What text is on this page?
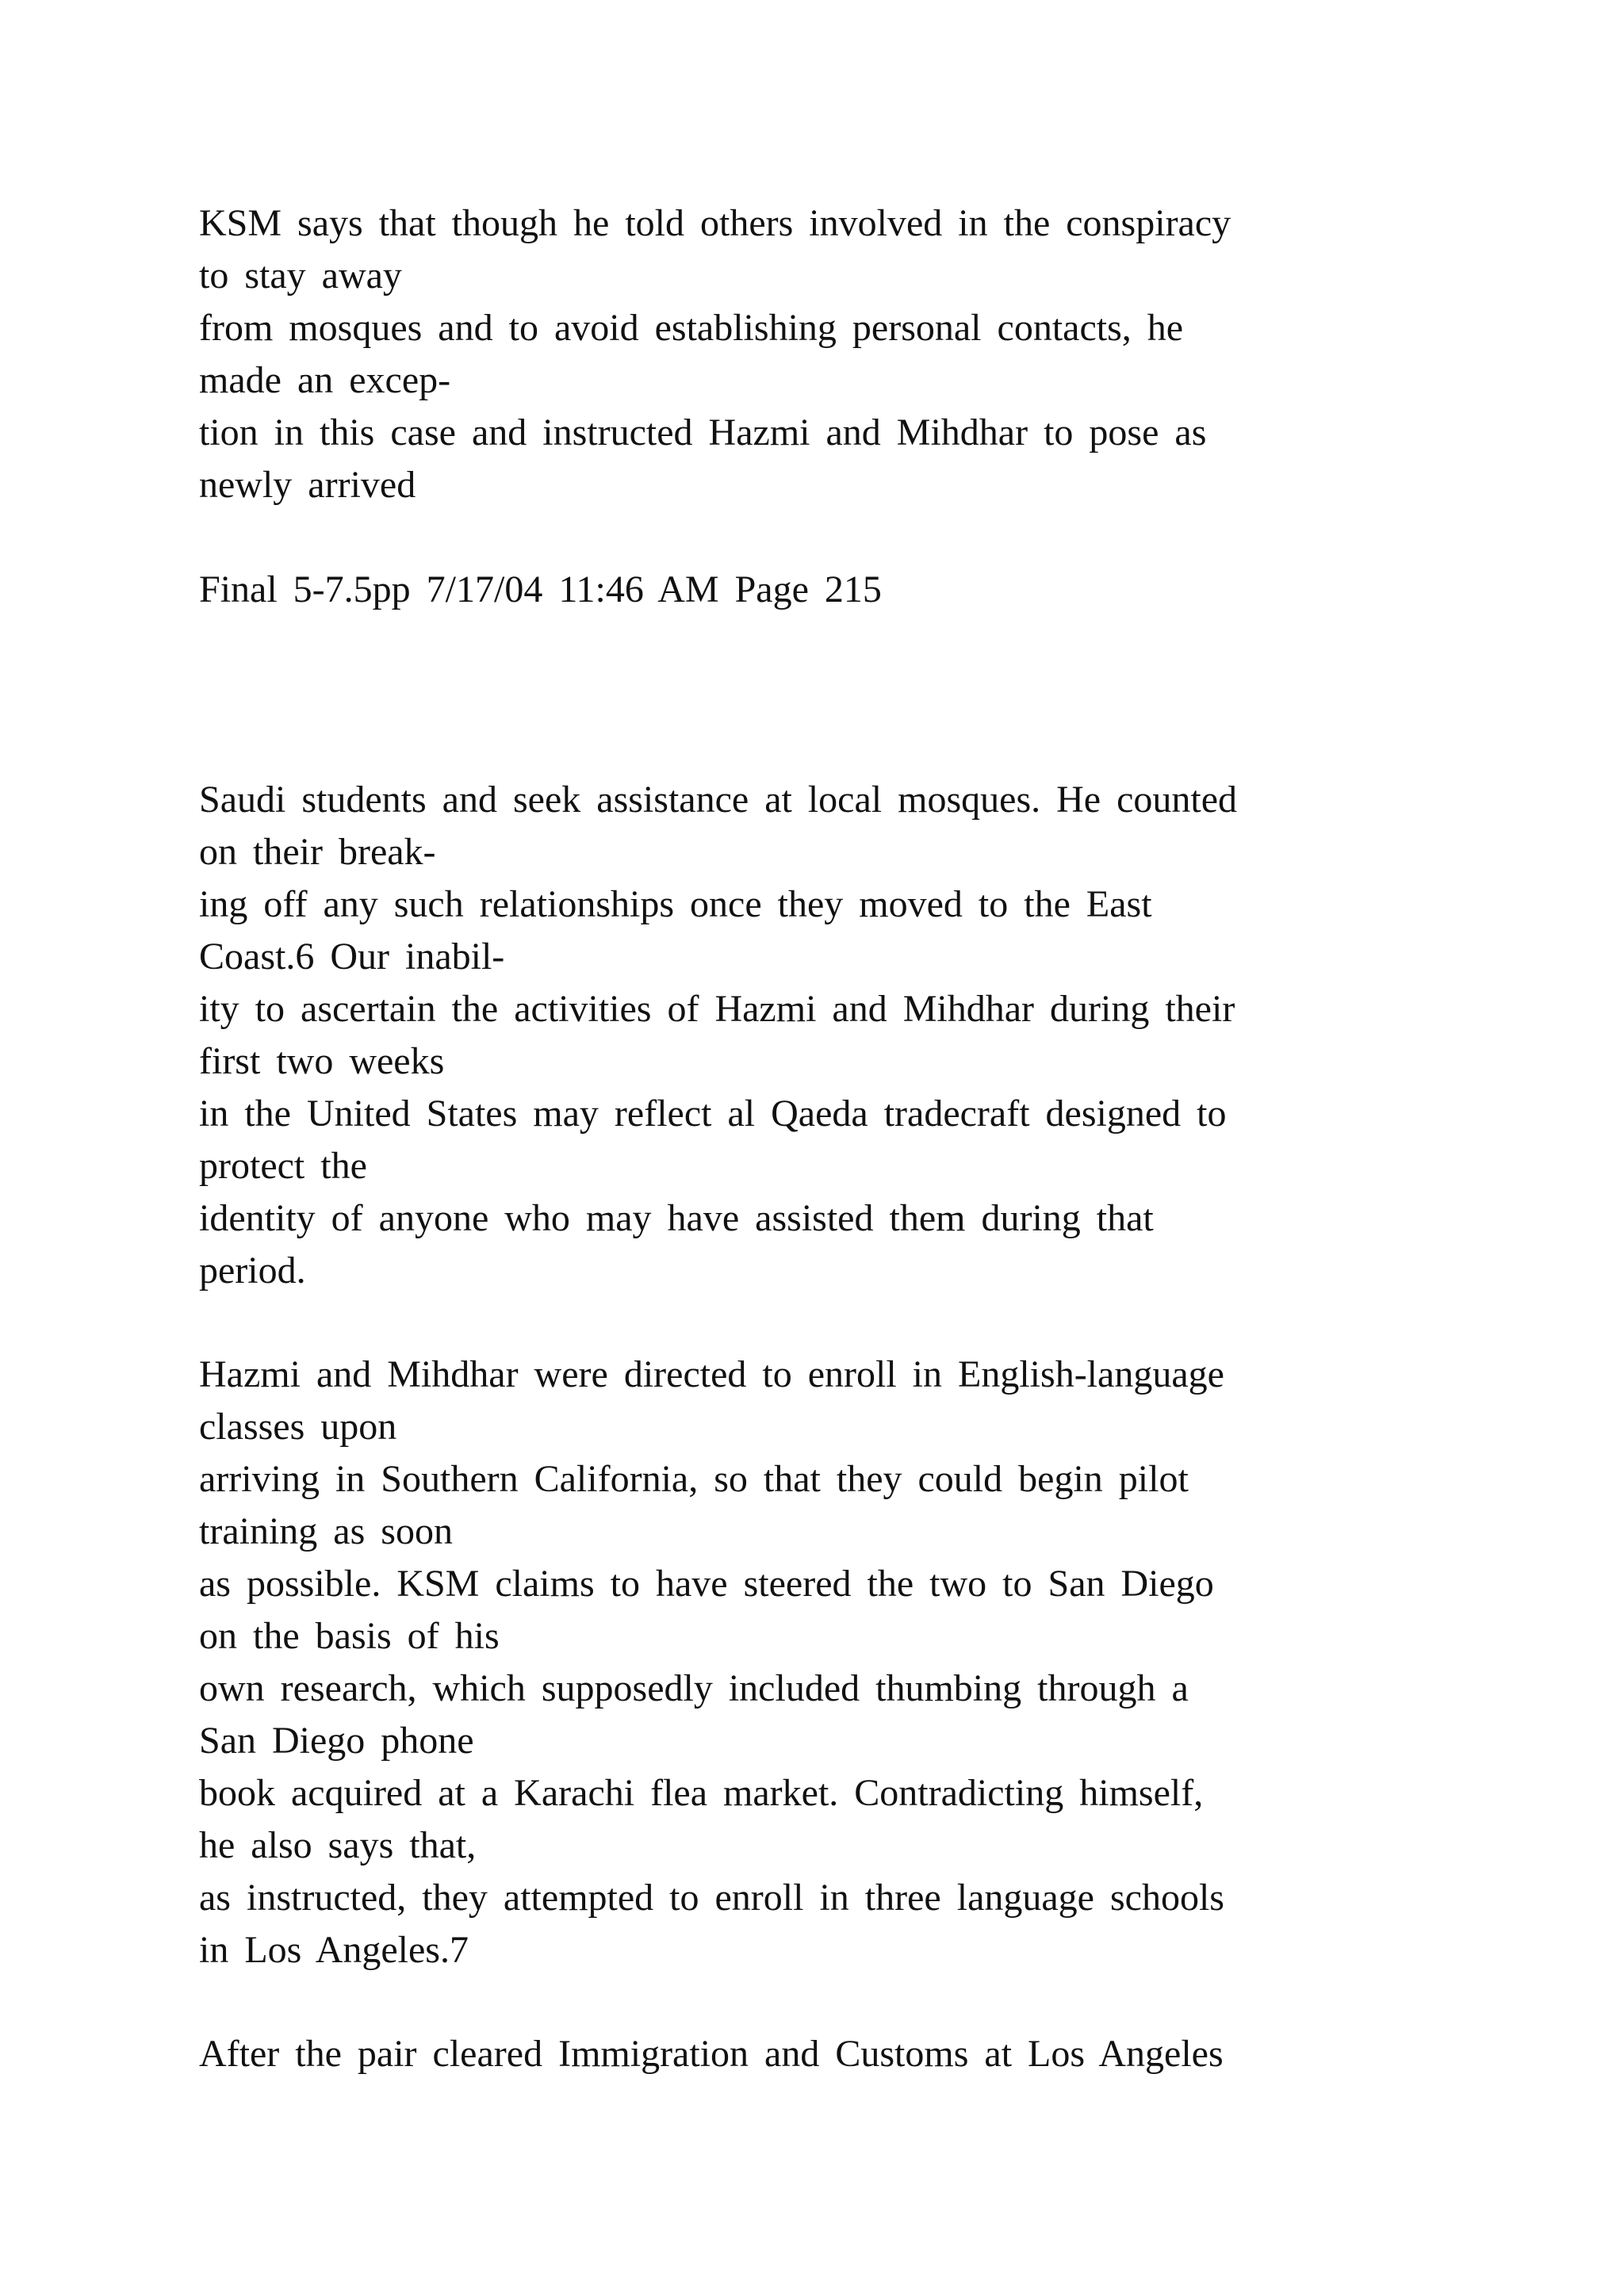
KSM says that though he told others involved in the conspiracy
to stay away
from mosques and to avoid establishing personal contacts, he
made an excep-
tion in this case and instructed Hazmi and Mihdhar to pose as
newly arrived
Final 5-7.5pp 7/17/04 11:46 AM Page 215
Saudi students and seek assistance at local mosques. He counted
on their break-
ing off any such relationships once they moved to the East
Coast.6 Our inabil-
ity to ascertain the activities of Hazmi and Mihdhar during their
first two weeks
in the United States may reflect al Qaeda tradecraft designed to
protect the
identity of anyone who may have assisted them during that
period.
Hazmi and Mihdhar were directed to enroll in English-language
classes upon
arriving in Southern California, so that they could begin pilot
training as soon
as possible. KSM claims to have steered the two to San Diego
on the basis of his
own research, which supposedly included thumbing through a
San Diego phone
book acquired at a Karachi flea market. Contradicting himself,
he also says that,
as instructed, they attempted to enroll in three language schools
in Los Angeles.7
After the pair cleared Immigration and Customs at Los Angeles
